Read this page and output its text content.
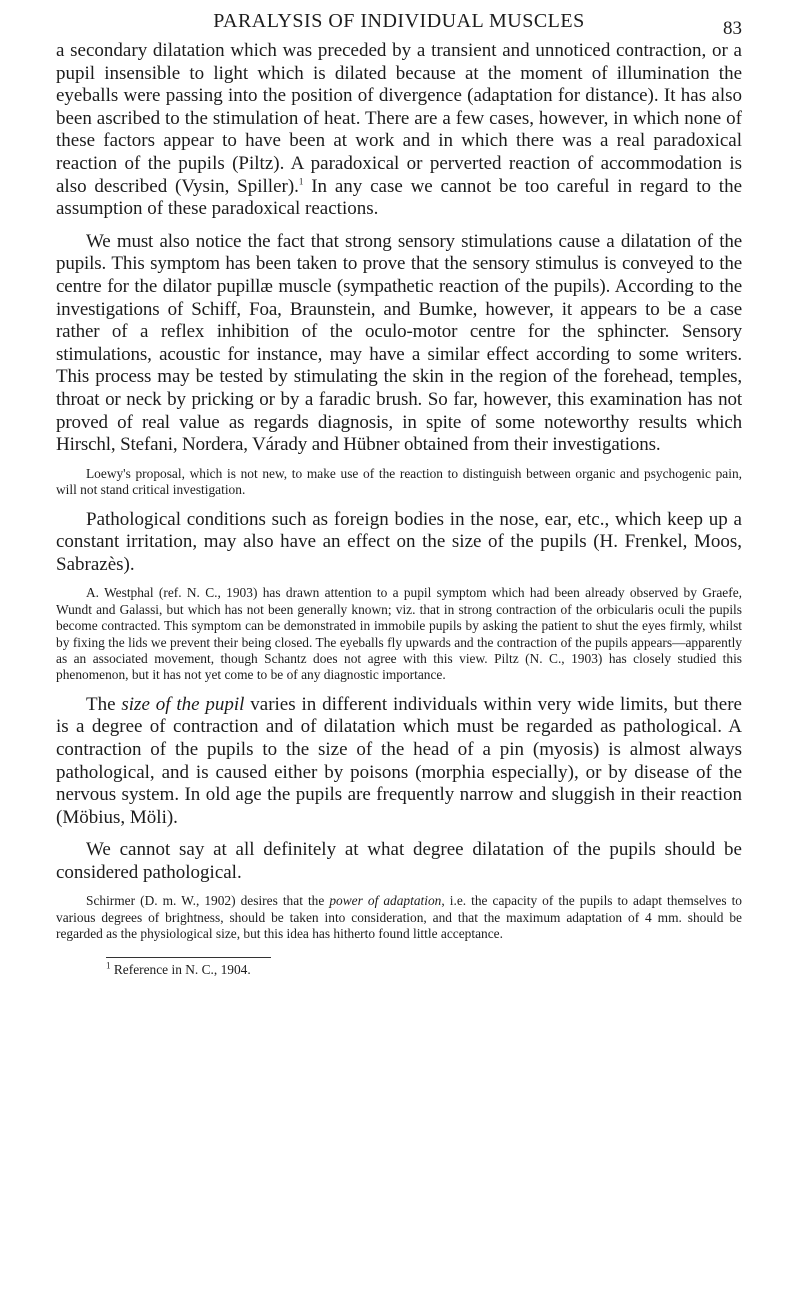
PARALYSIS OF INDIVIDUAL MUSCLES	83

a secondary dilatation which was preceded by a transient and unnoticed contraction, or a pupil insensible to light which is dilated because at the moment of illumination the eyeballs were passing into the position of divergence (adaptation for distance). It has also been ascribed to the stimulation of heat. There are a few cases, however, in which none of these factors appear to have been at work and in which there was a real paradoxical reaction of the pupils (Piltz). A paradoxical or perverted reaction of accommodation is also described (Vysin, Spiller).$^1$ In any case we cannot be too careful in regard to the assumption of these paradoxical reactions.

We must also notice the fact that strong sensory stimulations cause a dilatation of the pupils. This symptom has been taken to prove that the sensory stimulus is conveyed to the centre for the dilator pupillæ muscle (sympathetic reaction of the pupils). According to the investigations of Schiff, Foa, Braunstein, and Bumke, however, it appears to be a case rather of a reflex inhibition of the oculo-motor centre for the sphincter. Sensory stimulations, acoustic for instance, may have a similar effect according to some writers. This process may be tested by stimulating the skin in the region of the forehead, temples, throat or neck by pricking or by a faradic brush. So far, however, this examination has not proved of real value as regards diagnosis, in spite of some noteworthy results which Hirschl, Stefani, Nordera, Várady and Hübner obtained from their investigations.

Loewy's proposal, which is not new, to make use of the reaction to distinguish between organic and psychogenic pain, will not stand critical investigation.

Pathological conditions such as foreign bodies in the nose, ear, etc., which keep up a constant irritation, may also have an effect on the size of the pupils (H. Frenkel, Moos, Sabrazès).

A. Westphal (ref. N. C., 1903) has drawn attention to a pupil symptom which had been already observed by Graefe, Wundt and Galassi, but which has not been generally known; viz. that in strong contraction of the orbicularis oculi the pupils become contracted. This symptom can be demonstrated in immobile pupils by asking the patient to shut the eyes firmly, whilst by fixing the lids we prevent their being closed. The eyeballs fly upwards and the contraction of the pupils appears—apparently as an associated movement, though Schantz does not agree with this view. Piltz (N. C., 1903) has closely studied this phenomenon, but it has not yet come to be of any diagnostic importance.

The size of the pupil varies in different individuals within very wide limits, but there is a degree of contraction and of dilatation which must be regarded as pathological. A contraction of the pupils to the size of the head of a pin (myosis) is almost always pathological, and is caused either by poisons (morphia especially), or by disease of the nervous system. In old age the pupils are frequently narrow and sluggish in their reaction (Möbius, Möli).

We cannot say at all definitely at what degree dilatation of the pupils should be considered pathological.

Schirmer (D. m. W., 1902) desires that the power of adaptation, i.e. the capacity of the pupils to adapt themselves to various degrees of brightness, should be taken into consideration, and that the maximum adaptation of 4 mm. should be regarded as the physiological size, but this idea has hitherto found little acceptance.

$^1$ Reference in N. C., 1904.
